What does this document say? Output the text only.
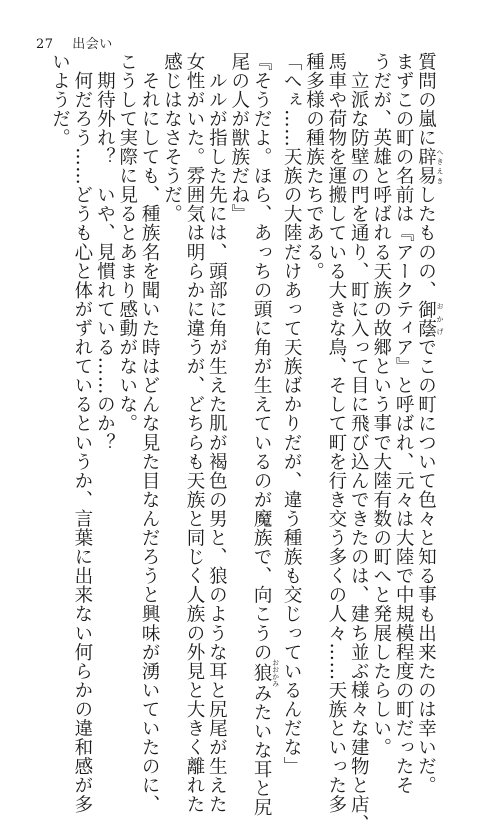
27 出会い
質問の嵐に辟易 へきえきしたものの、御蔭 おかげでこの町について色々と知る事も出来たのは幸いだ。
まずこの町の名前は『アークティア』と呼ばれ、元々は大陸で中規模程度の町だったそ
うだが、英雄と呼ばれる天族の故郷という事で大陸有数の町へと発展したらしい。
　立派な防壁の門を通り、町に入って目に飛び込んできたのは、建ち並ぶ様々な建物と店、
馬車や荷物を運搬している大きな鳥、そして町を行き交う多くの人々……天族といった多
種多様の種族たちである。
「へぇ……天族の大陸だけあって天族ばかりだが、違う種族も交じっているんだな」
『そうだよ。ほら、あっちの頭に角が生えているのが魔族で、向こうの狼 おおかみみたいな耳と尻
尾の人が獣族だね』
　ルルが指した先には、頭部に角が生えた肌が褐色の男と、狼のような耳と尻尾が生えた
女性がいた。雰囲気は明らかに違うが、どちらも天族と同じく人族の外見と大きく離れた
感じはなさそうだ。
　それにしても、種族名を聞いた時はどんな見た目なんだろうと興味が湧いていたのに、
こうして実際に見るとあまり感動がないな。
　期待外れ？　いや、見慣れている……のか？
　何だろう……どうも心と体がずれているというか、言葉に出来ない何らかの違和感が多
いようだ。
